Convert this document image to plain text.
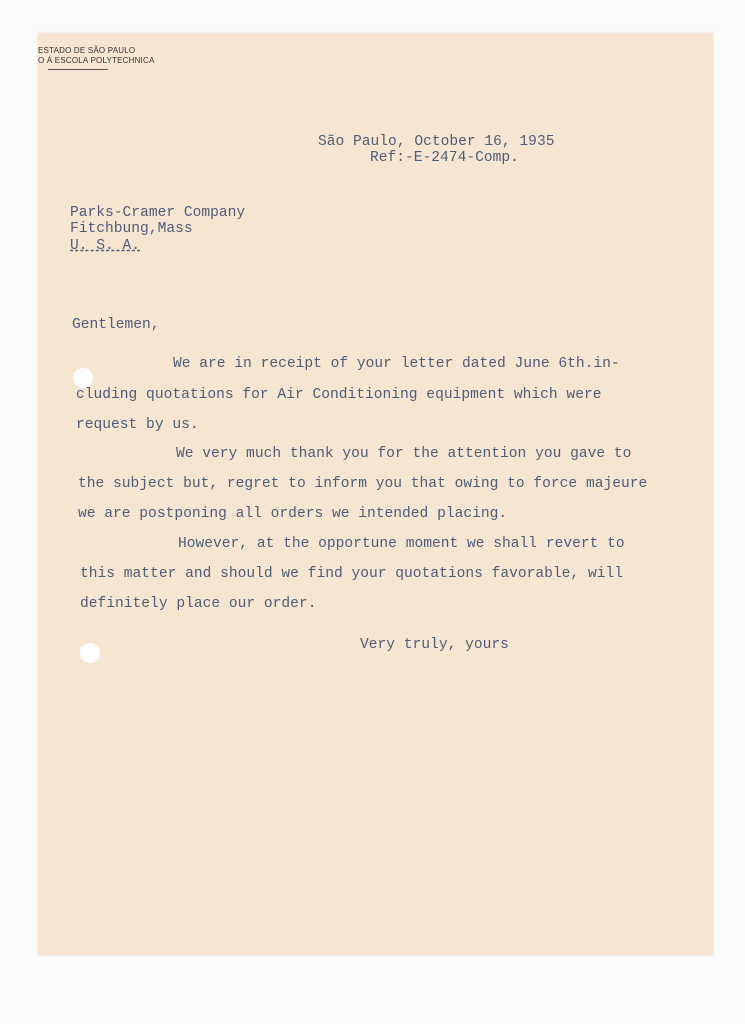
ESTADO DE SÃO PAULO
O Á ESCOLA POLYTECHNICA
São Paulo, October 16, 1935
Ref:-E-2474-Comp.
Parks-Cramer Company
Fitchbung,Mass
U. S. A.
Gentlemen,
We are in receipt of your letter dated June 6th.in-
cluding quotations for Air Conditioning equipment which were
request by us.
We very much thank you for the attention you gave to
the subject but, regret to inform you that owing to force majeure
we are postponing all orders we intended placing.
However, at the opportune moment we shall revert to
this matter and should we find your quotations favorable, will
definitely place our order.
Very truly, yours
